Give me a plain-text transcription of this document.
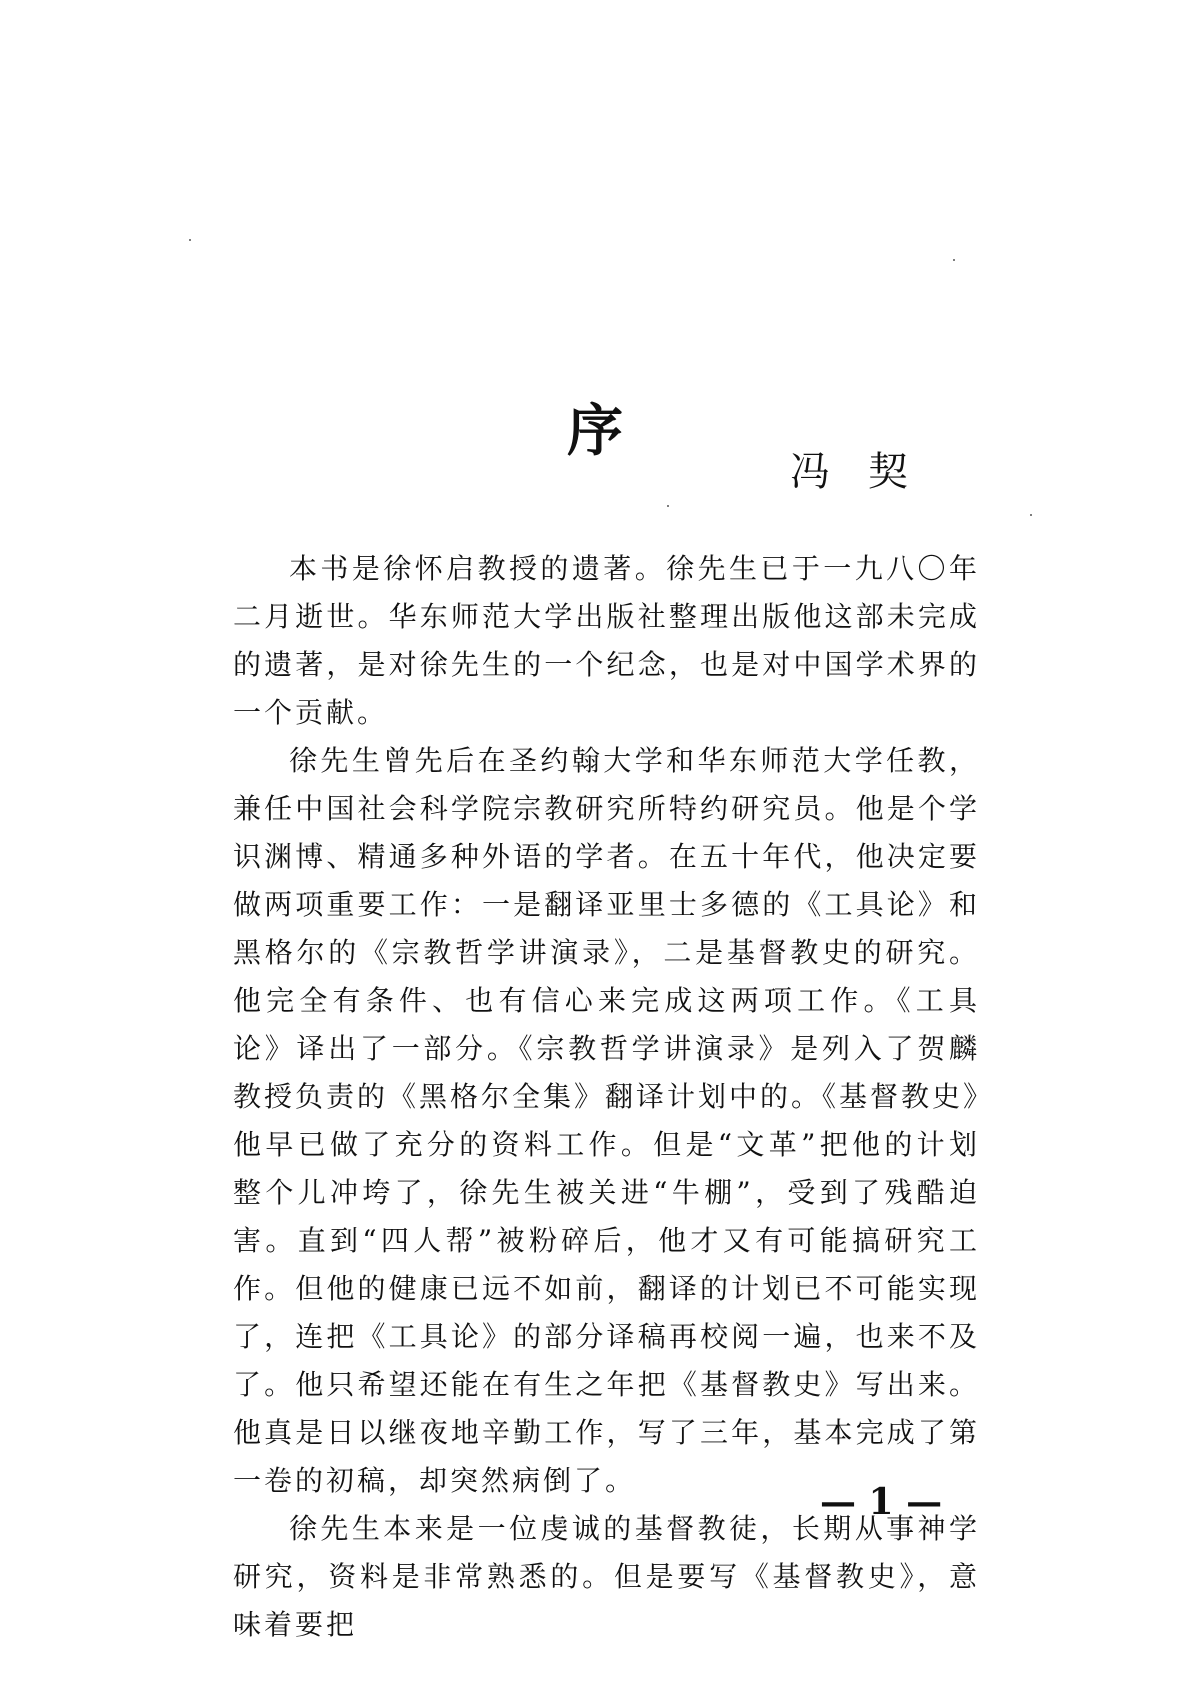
序
冯契

本书是徐怀启教授的遗著。徐先生已于一九八〇年二月逝世。华东师范大学出版社整理出版他这部未完成的遗著，是对徐先生的一个纪念，也是对中国学术界的一个贡献。

徐先生曾先后在圣约翰大学和华东师范大学任教，兼任中国社会科学院宗教研究所特约研究员。他是个学识渊博、精通多种外语的学者。在五十年代，他决定要做两项重要工作：一是翻译亚里士多德的《工具论》和黑格尔的《宗教哲学讲演录》，二是基督教史的研究。他完全有条件、也有信心来完成这两项工作。《工具论》译出了一部分。《宗教哲学讲演录》是列入了贺麟教授负责的《黑格尔全集》翻译计划中的。《基督教史》他早已做了充分的资料工作。但是“文革”把他的计划整个儿冲垮了，徐先生被关进“牛棚”，受到了残酷迫害。直到“四人帮”被粉碎后，他才又有可能搞研究工作。但他的健康已远不如前，翻译的计划已不可能实现了，连把《工具论》的部分译稿再校阅一遍，也来不及了。他只希望还能在有生之年把《基督教史》写出来。他真是日以继夜地辛勤工作，写了三年，基本完成了第一卷的初稿，却突然病倒了。

徐先生本来是一位虔诚的基督教徒，长期从事神学研究，资料是非常熟悉的。但是要写《基督教史》，意味着要把

— 1 —
